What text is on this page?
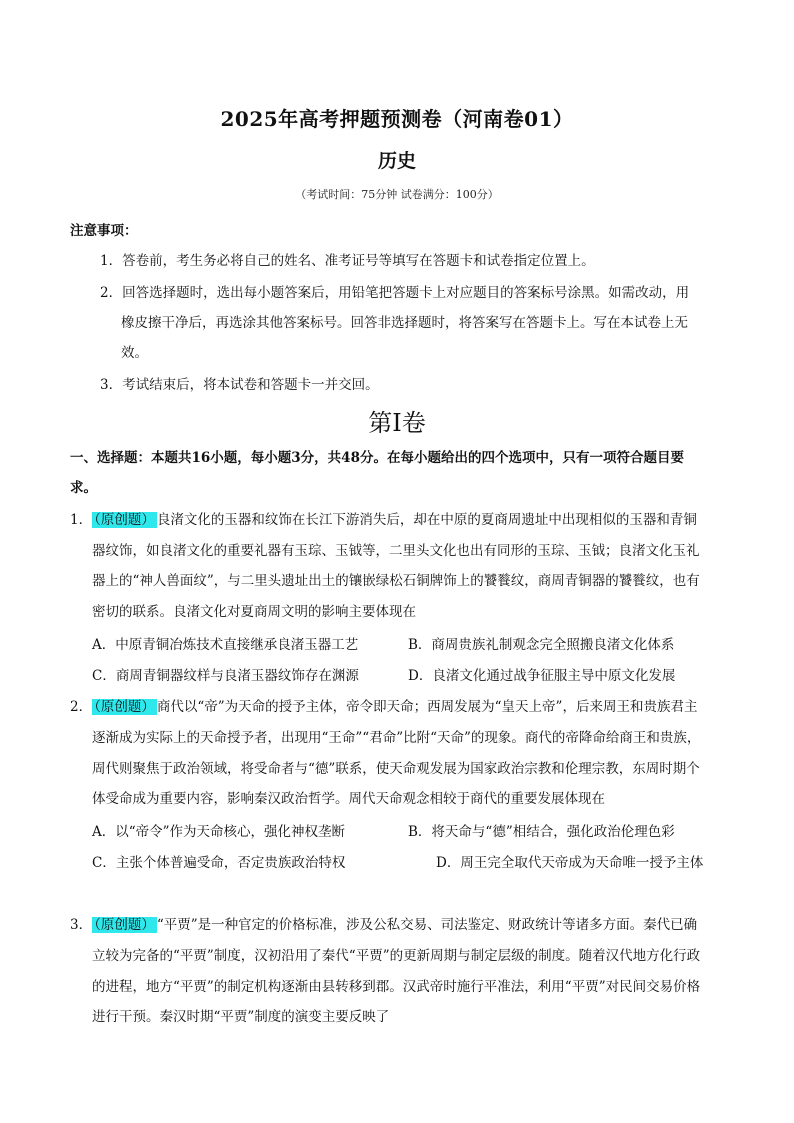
2025年高考押题预测卷（河南卷01）
历史
（考试时间：75分钟 试卷满分：100分）
注意事项：
1．答卷前，考生务必将自己的姓名、准考证号等填写在答题卡和试卷指定位置上。
2．回答选择题时，选出每小题答案后，用铅笔把答题卡上对应题目的答案标号涂黑。如需改动，用
橡皮擦干净后，再选涂其他答案标号。回答非选择题时，将答案写在答题卡上。写在本试卷上无
效。
3．考试结束后，将本试卷和答题卡一并交回。
第I卷
一、选择题：本题共16小题，每小题3分，共48分。在每小题给出的四个选项中，只有一项符合题目要
求。
1． （原创题） 良渚文化的玉器和纹饰在长江下游消失后，却在中原的夏商周遗址中出现相似的玉器和青铜
器纹饰，如良渚文化的重要礼器有玉琮、玉钺等，二里头文化也出有同形的玉琮、玉钺；良渚文化玉礼
器上的“神人兽面纹”，与二里头遗址出土的镶嵌绿松石铜牌饰上的饕餮纹，商周青铜器的饕餮纹，也有
密切的联系。良渚文化对夏商周文明的影响主要体现在
A．中原青铜冶炼技术直接继承良渚玉器工艺	B．商周贵族礼制观念完全照搬良渚文化体系
C．商周青铜器纹样与良渚玉器纹饰存在渊源	D．良渚文化通过战争征服主导中原文化发展
2． （原创题） 商代以“帝”为天命的授予主体，帝令即天命；西周发展为“皇天上帝”，后来周王和贵族君主
逐渐成为实际上的天命授予者，出现用“王命”“君命”比附“天命”的现象。商代的帝降命给商王和贵族，
周代则聚焦于政治领域，将受命者与“德”联系，使天命观发展为国家政治宗教和伦理宗教，东周时期个
体受命成为重要内容，影响秦汉政治哲学。周代天命观念相较于商代的重要发展体现在
A．以“帝令”作为天命核心，强化神权垄断	B．将天命与“德”相结合，强化政治伦理色彩
C．主张个体普遍受命，否定贵族政治特权	D．周王完全取代天帝成为天命唯一授予主体
3． （原创题） “平贾”是一种官定的价格标准，涉及公私交易、司法鉴定、财政统计等诸多方面。秦代已确
立较为完备的“平贾”制度，汉初沿用了秦代“平贾”的更新周期与制定层级的制度。随着汉代地方化行政
的进程，地方“平贾”的制定机构逐渐由县转移到郡。汉武帝时施行平准法，利用“平贾”对民间交易价格
进行干预。秦汉时期“平贾”制度的演变主要反映了
